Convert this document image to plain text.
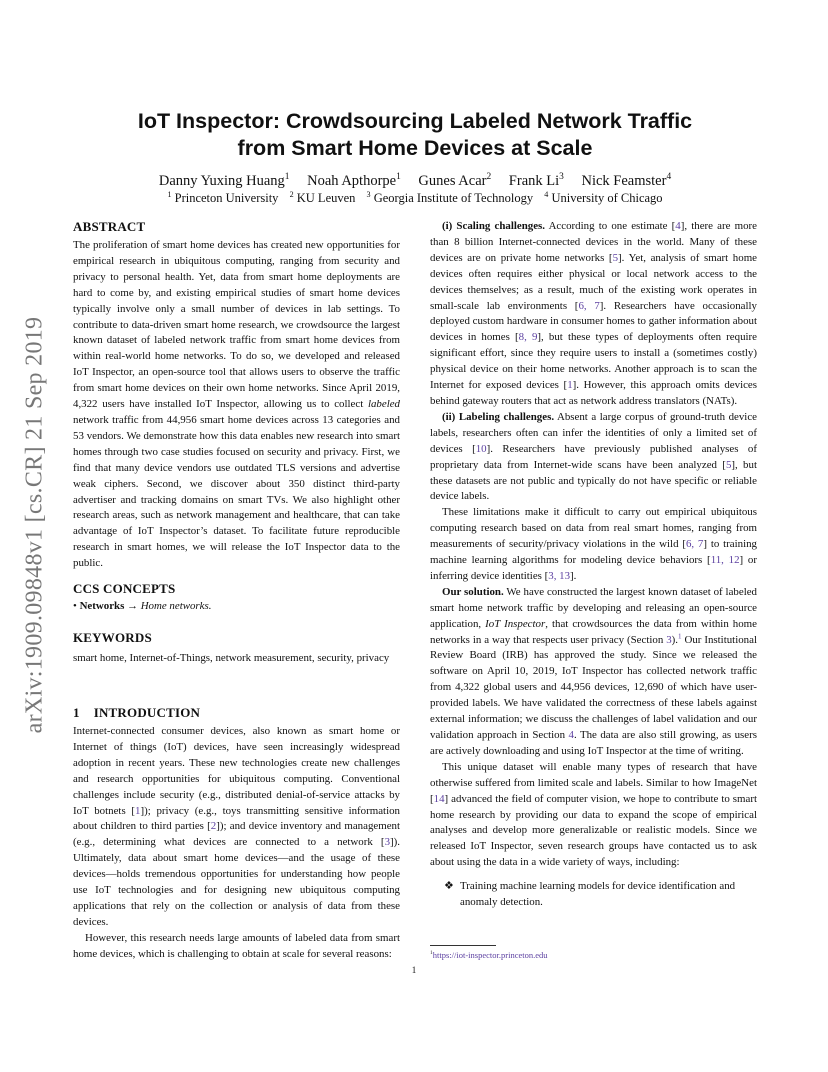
arXiv:1909.09848v1 [cs.CR] 21 Sep 2019
IoT Inspector: Crowdsourcing Labeled Network Traffic
from Smart Home Devices at Scale
Danny Yuxing Huang$^1$ Noah Apthorpe$^1$ Gunes Acar$^2$ Frank Li$^3$ Nick Feamster$^4$
$^1$ Princeton University $^2$ KU Leuven $^3$ Georgia Institute of Technology $^4$ University of Chicago
ABSTRACT

The proliferation of smart home devices has created new opportunities for empirical research in ubiquitous computing, ranging from security and privacy to personal health. Yet, data from smart home deployments are hard to come by, and existing empirical studies of smart home devices typically involve only a small number of devices in lab settings. To contribute to data-driven smart home research, we crowdsource the largest known dataset of labeled network traffic from smart home devices from within real-world home networks. To do so, we developed and released IoT Inspector, an open-source tool that allows users to observe the traffic from smart home devices on their own home networks. Since April 2019, 4,322 users have installed IoT Inspector, allowing us to collect labeled network traffic from 44,956 smart home devices across 13 categories and 53 vendors. We demonstrate how this data enables new research into smart homes through two case studies focused on security and privacy. First, we find that many device vendors use outdated TLS versions and advertise weak ciphers. Second, we discover about 350 distinct third-party advertiser and tracking domains on smart TVs. We also highlight other research areas, such as network management and healthcare, that can take advantage of IoT Inspector’s dataset. To facilitate future reproducible research in smart homes, we will release the IoT Inspector data to the public.

CCS CONCEPTS

• Networks → Home networks.

KEYWORDS

smart home, Internet-of-Things, network measurement, security, privacy

1 INTRODUCTION

Internet-connected consumer devices, also known as smart home or Internet of things (IoT) devices, have seen increasingly widespread adoption in recent years. These new technologies create new challenges and research opportunities for ubiquitous computing. Conventional challenges include security (e.g., distributed denial-of-service attacks by IoT botnets [1]); privacy (e.g., toys transmitting sensitive information about children to third parties [2]); and device inventory and management (e.g., determining what devices are connected to a network [3]). Ultimately, data about smart home devices—and the usage of these devices—holds tremendous opportunities for understanding how people use IoT technologies and for designing new ubiquitous computing applications that rely on the collection or analysis of data from these devices.

However, this research needs large amounts of labeled data from smart home devices, which is challenging to obtain at scale for several reasons:

(i) Scaling challenges. According to one estimate [4], there are more than 8 billion Internet-connected devices in the world. Many of these devices are on private home networks [5]. Yet, analysis of smart home devices often requires either physical or local network access to the devices themselves; as a result, much of the existing work operates in small-scale lab environments [6, 7]. Researchers have occasionally deployed custom hardware in consumer homes to gather information about devices in homes [8, 9], but these types of deployments often require significant effort, since they require users to install a (sometimes costly) physical device on their home networks. Another approach is to scan the Internet for exposed devices [1]. However, this approach omits devices behind gateway routers that act as network address translators (NATs).

(ii) Labeling challenges. Absent a large corpus of ground-truth device labels, researchers often can infer the identities of only a limited set of devices [10]. Researchers have previously published analyses of proprietary data from Internet-wide scans have been analyzed [5], but these datasets are not public and typically do not have specific or reliable device labels.

These limitations make it difficult to carry out empirical ubiquitous computing research based on data from real smart homes, ranging from measurements of security/privacy violations in the wild [6, 7] to training machine learning algorithms for modeling device behaviors [11, 12] or inferring device identities [3, 13].

Our solution. We have constructed the largest known dataset of labeled smart home network traffic by developing and releasing an open-source application, IoT Inspector, that crowdsources the data from within home networks in a way that respects user privacy (Section 3).$^1$ Our Institutional Review Board (IRB) has approved the study. Since we released the software on April 10, 2019, IoT Inspector has collected network traffic from 4,322 global users and 44,956 devices, 12,690 of which have user-provided labels. We have validated the correctness of these labels against external information; we discuss the challenges of label validation and our validation approach in Section 4. The data are also still growing, as users are actively downloading and using IoT Inspector at the time of writing.

This unique dataset will enable many types of research that have otherwise suffered from limited scale and labels. Similar to how ImageNet [14] advanced the field of computer vision, we hope to contribute to smart home research by providing our data to expand the scope of empirical analyses and develop more generalizable or realistic models. Since we released IoT Inspector, seven research groups have contacted us to ask about using the data in a wide variety of ways, including:

❖ Training machine learning models for device identification and anomaly detection.
$^1$https://iot-inspector.princeton.edu
1
